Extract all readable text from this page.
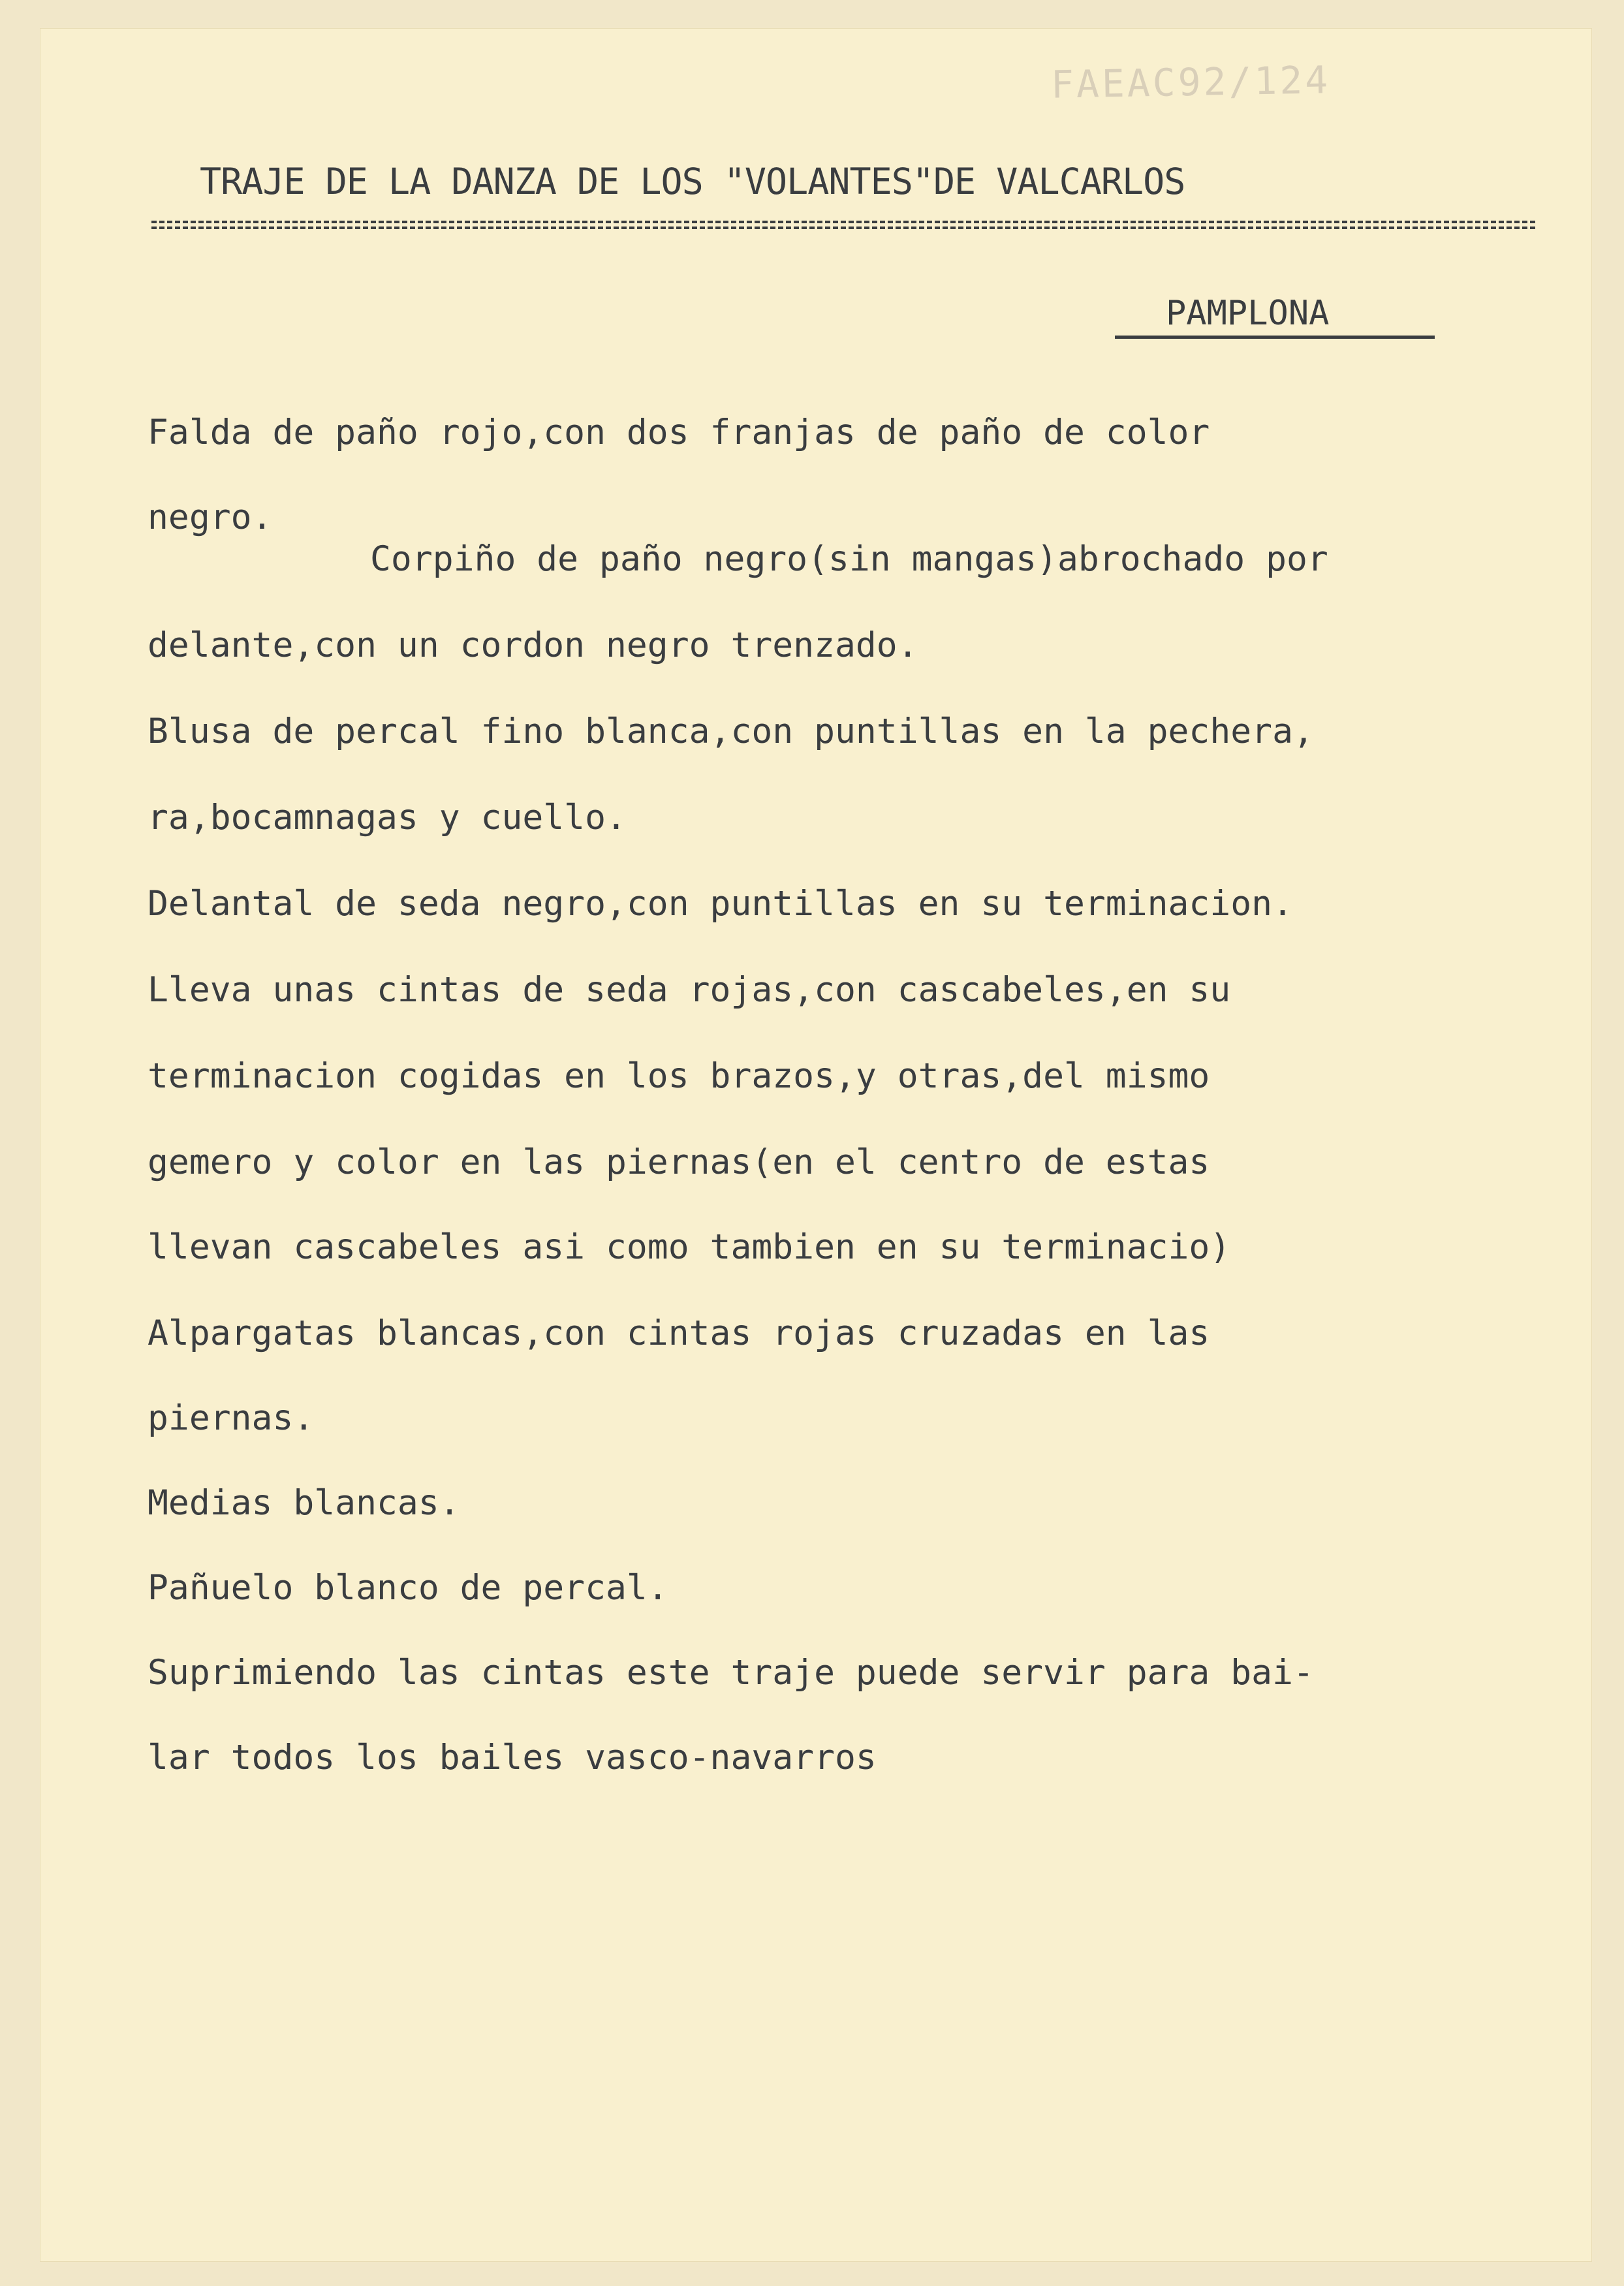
FAEAC92/124

TRAJE DE LA DANZA DE LOS "VOLANTES"DE VALCARLOS

PAMPLONA

Falda de paño rojo,con dos franjas de paño de color

negro.

Corpiño de paño negro(sin mangas)abrochado por

delante,con un cordon negro trenzado.

Blusa de percal fino blanca,con puntillas en la pechera,

ra,bocamnagas y cuello.

Delantal de seda negro,con puntillas en su terminacion.

Lleva unas cintas de seda rojas,con cascabeles,en su

terminacion cogidas en los brazos,y otras,del mismo

gemero y color en las piernas(en el centro de estas

llevan cascabeles asi como tambien en su terminacio)

Alpargatas blancas,con cintas rojas cruzadas en las

piernas.

Medias blancas.

Pañuelo blanco de percal.

Suprimiendo las cintas este traje puede servir para bai-

lar todos los bailes vasco-navarros
